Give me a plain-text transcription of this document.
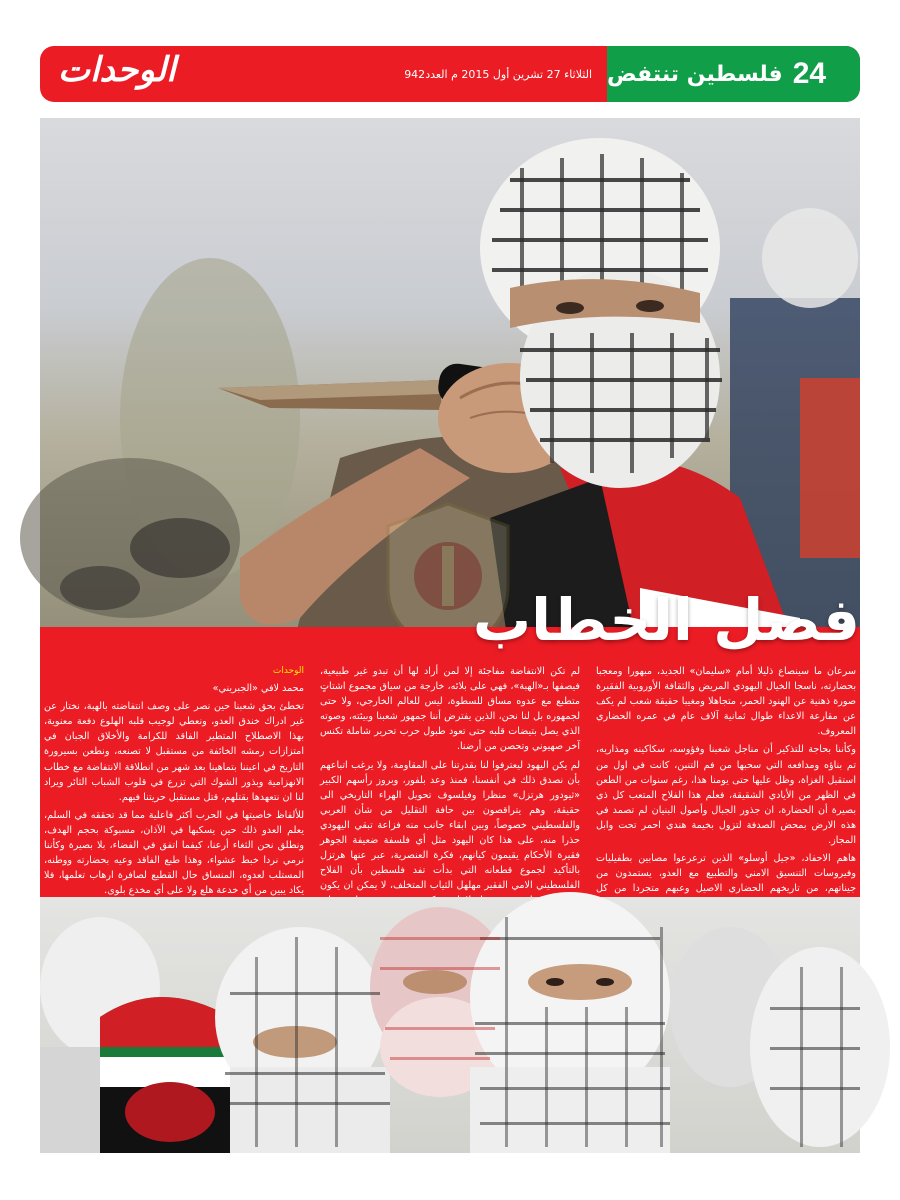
الوحدات	الثلاثاء 27 تشرين أول 2015 م العدد942	24
فلسطين تنتفض
فصل الخطاب
الوحدات

محمد لافي «الجبريني»

تخطئ بحق شعبنا حين نصر على وصف انتفاضته بالهبة، نختار عن غير ادراك خندق العدو، ونعطي لوجيب قلبه الهلوع دفعة معنوية، بهذا الاصطلاح المتطير الفاقد للكرامة والأخلاق الجبان في امتزازات رمشه الخائفة من مستقبل لا تصنعه، ونطعن بسيرورة التاريخ في اعيننا بتماهينا بعد شهر من انطلاقة الانتفاضة مع خطاب الانهزامية وبذور الشوك التي تزرع في قلوب الشباب الثائر ويراد لنا ان نتعهدها بقتلهم، قتل مستقبل حريتنا فيهم.

للألفاظ خاصيتها في الحرب أكثر فاعلية مما قد تحققه في السلم، يعلم العدو ذلك حين يسكبها في الآذان، مسبوكة بحجم الهدف، ونطلق نحن الثغاء أرعنا، كيفما اتفق في الفضاء، بلا بصيرة وكأننا نرمي نردا خبط عشواء، وهذا طبع الفاقد وعيه بحضارته ووطنه، المستلب لعدوه، المنساق حال القطيع لصافرة ارهاب تعلمها، فلا يكاد يبين من أي خدعة هلع ولا على أي مخدع بلوى.

لم تكن الانتفاضة مفاجئة إلا لمن أراد لها أن تبدو غير طبيعية، فيصفها بـ«الهبة»، فهي على بلائه، خارجة من سياق مجموع اشتاتٍ متطبع مع عدوه مساق للسطوة، ليس للعالم الخارجي، ولا حتى لجمهوره بل لنا نحن، الذين يفترض أننا جمهور شعبنا وبيئته، وصوته الذي يصل بتيضات قلبه حتى تعود طبول حرب تحرير شاملة تكنس آخر صهيوني وتحصن من أرضنا.

لم يكن اليهود ليعترفوا لنا بقدرتنا على المقاومة، ولا يرغب اتباعهم بأن نصدق ذلك في أنفسنا، فمنذ وعد بلفور، وبروز رأسهم الكبير «ثيودور هرتزل» منظرا وفيلسوف تحويل الهراء التاريخي الى حقيقة، وهم يتراقصون بين حافة التقليل من شأن العربي والفلسطيني خصوصاً، وبين ابقاء جانب منه فزاعة تبقي اليهودي حذرا منه، على هذا كان اليهود مثل أي فلسفة ضعيفة الجوهر فقيرة الأحكام يقيمون كيانهم، فكرة العنصرية، عبر عنها هرتزل بالتأكيد لجموع قطعانه التي بدأت تفد فلسطين بأن الفلاح الفلسطيني الامي الفقير مهلهل الثياب المتخلف، لا يمكن ان يكون

سرعان ما سينصاع ذليلا أمام «سليمان» الجديد، مبهورا ومعجبا بحضارته، ناسجا الخيال اليهودي المريض والثقافة الأوروبية الفقيرة صورة ذهنية عن الهنود الحمر، متجاهلا ومغيبا حقيقة شعب لم يكف عن مقارعة الاعداء طوال ثمانية آلاف عام في عمره الحضاري المعروف.

وكأننا بحاجة للتذكير أن مناجل شعبنا وفؤوسه، سكاكينه ومذاريه، تم بناؤه ومدافعه التي سحبها من فم التنين، كانت في اول من استقبل الغزاة، وظل عليها حتى يومنا هذا، رغم سنوات من الطعن في الظهر من الأيادي الشقيقة، فعلم هذا الفلاح المتعب كل ذي بصيرة أن الحضارة، ان جذور الجبال وأصول البنيان لم تصمد في هذه الارض بمحض الصدفة لتزول بخيمة هندي احمر تحت وابل المجاز.

هاهم الاحفاد، «جيل أوسلو» الذين ترعرعوا مصابين بطفيليات وفيروسات التنسيق الامني والتطبيع مع العدو، يستمدون من جيناتهم، من تاريخهم الحضاري الاصيل وعبهم متجردا من كل
